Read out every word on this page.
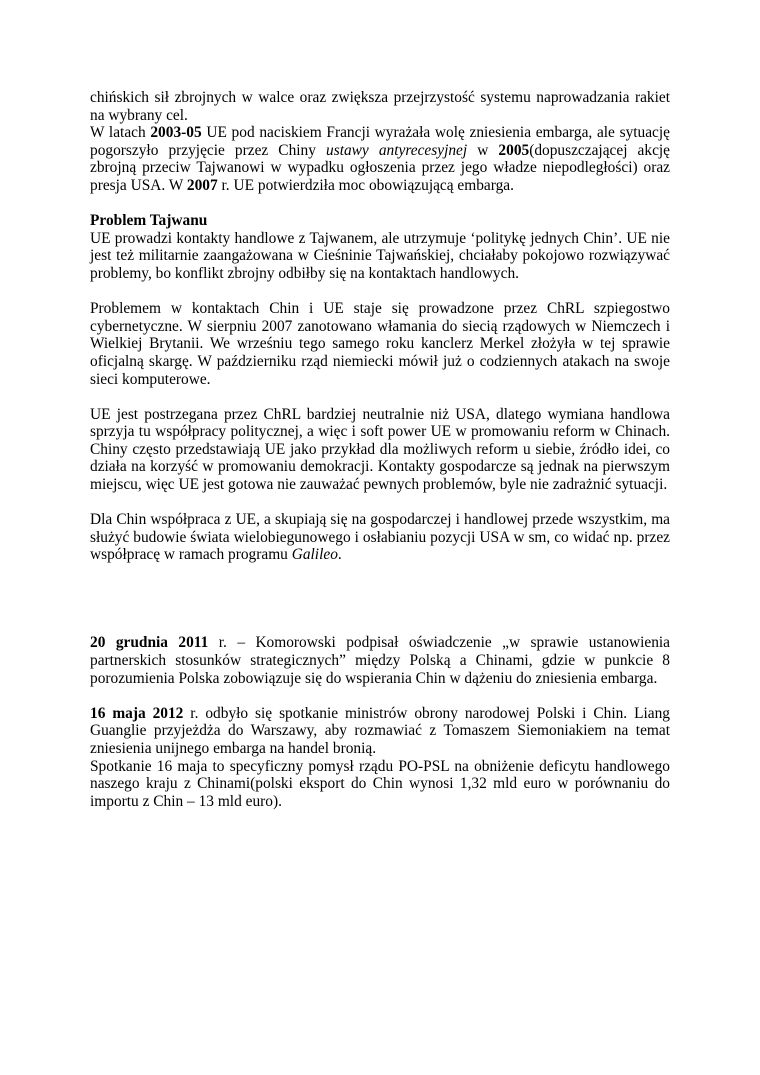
chińskich sił zbrojnych w walce oraz zwiększa przejrzystość systemu naprowadzania rakiet na wybrany cel.

W latach 2003-05 UE pod naciskiem Francji wyrażała wolę zniesienia embarga, ale sytuację pogorszyło przyjęcie przez Chiny ustawy antyrecesyjnej w 2005(dopuszczającej akcję zbrojną przeciw Tajwanowi w wypadku ogłoszenia przez jego władze niepodległości) oraz presja USA. W 2007 r. UE potwierdziła moc obowiązującą embarga.

Problem Tajwanu

UE prowadzi kontakty handlowe z Tajwanem, ale utrzymuje ‘politykę jednych Chin’. UE nie jest też militarnie zaangażowana w Cieśninie Tajwańskiej, chciałaby pokojowo rozwiązywać problemy, bo konflikt zbrojny odbiłby się na kontaktach handlowych.

Problemem w kontaktach Chin i UE staje się prowadzone przez ChRL szpiegostwo cybernetyczne. W sierpniu 2007 zanotowano włamania do siecią rządowych w Niemczech i Wielkiej Brytanii. We wrześniu tego samego roku kanclerz Merkel złożyła w tej sprawie oficjalną skargę. W październiku rząd niemiecki mówił już o codziennych atakach na swoje sieci komputerowe.

UE jest postrzegana przez ChRL bardziej neutralnie niż USA, dlatego wymiana handlowa sprzyja tu współpracy politycznej, a więc i soft power UE w promowaniu reform w Chinach. Chiny często przedstawiają UE jako przykład dla możliwych reform u siebie, źródło idei, co działa na korzyść w promowaniu demokracji. Kontakty gospodarcze są jednak na pierwszym miejscu, więc UE jest gotowa nie zauważać pewnych problemów, byle nie zadrażnić sytuacji.

Dla Chin współpraca z UE, a skupiają się na gospodarczej i handlowej przede wszystkim, ma służyć budowie świata wielobiegunowego i osłabianiu pozycji USA w sm, co widać np. przez współpracę w ramach programu Galileo.

20 grudnia 2011 r. – Komorowski podpisał oświadczenie „w sprawie ustanowienia partnerskich stosunków strategicznych” między Polską a Chinami, gdzie w punkcie 8 porozumienia Polska zobowiązuje się do wspierania Chin w dążeniu do zniesienia embarga.

16 maja 2012 r. odbyło się spotkanie ministrów obrony narodowej Polski i Chin. Liang Guanglie przyjeżdża do Warszawy, aby rozmawiać z Tomaszem Siemoniakiem na temat zniesienia unijnego embarga na handel bronią.

Spotkanie 16 maja to specyficzny pomysł rządu PO-PSL na obniżenie deficytu handlowego naszego kraju z Chinami(polski eksport do Chin wynosi 1,32 mld euro w porównaniu do importu z Chin – 13 mld euro).
